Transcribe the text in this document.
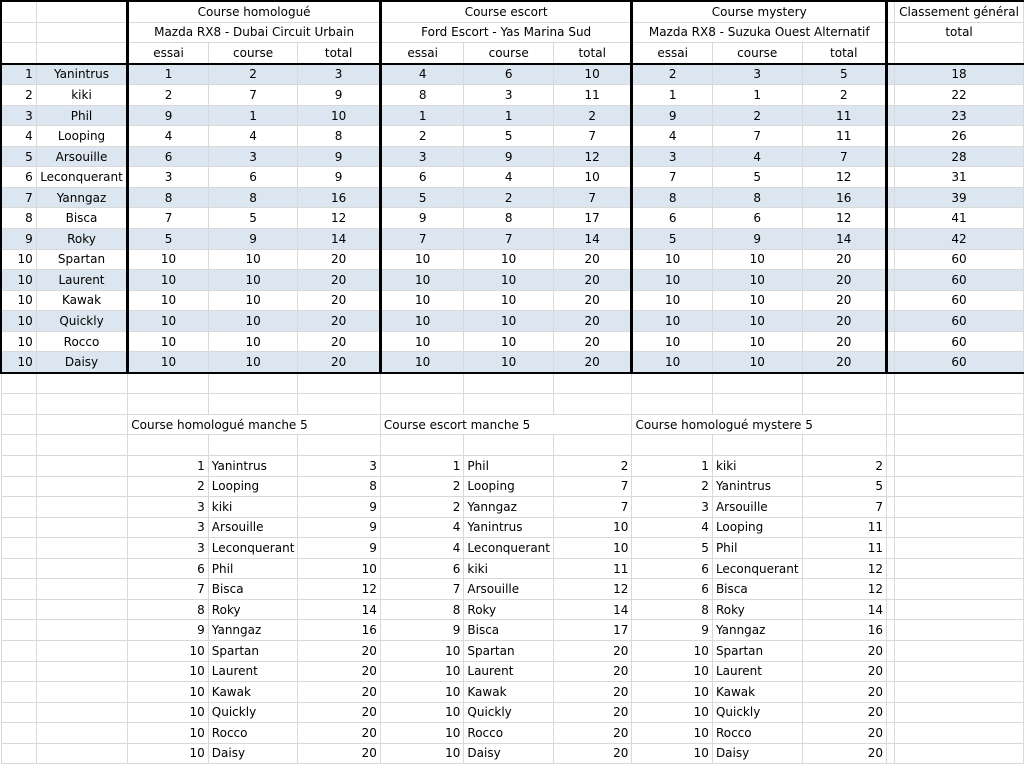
		Course homologué			Course escort			Course mystery				Classement général
		Mazda RX8 - Dubai Circuit Urbain			Ford Escort - Yas Marina Sud			Mazda RX8 - Suzuka Ouest Alternatif				total
		essai	course	total	essai	course	total	essai	course	total		
1	Yanintrus	1	2	3	4	6	10	2	3	5		18
2	kiki	2	7	9	8	3	11	1	1	2		22
3	Phil	9	1	10	1	1	2	9	2	11		23
4	Looping	4	4	8	2	5	7	4	7	11		26
5	Arsouille	6	3	9	3	9	12	3	4	7		28
6	Leconquerant	3	6	9	6	4	10	7	5	12		31
7	Yanngaz	8	8	16	5	2	7	8	8	16		39
8	Bisca	7	5	12	9	8	17	6	6	12		41
9	Roky	5	9	14	7	7	14	5	9	14		42
10	Spartan	10	10	20	10	10	20	10	10	20		60
10	Laurent	10	10	20	10	10	20	10	10	20		60
10	Kawak	10	10	20	10	10	20	10	10	20		60
10	Quickly	10	10	20	10	10	20	10	10	20		60
10	Rocco	10	10	20	10	10	20	10	10	20		60
10	Daisy	10	10	20	10	10	20	10	10	20		60

		Course homologué manche 5			Course escort manche 5			Course homologué mystere 5				

		1	Yanintrus	3	1	Phil	2	1	kiki	2		
		2	Looping	8	2	Looping	7	2	Yanintrus	5		
		3	kiki	9	2	Yanngaz	7	3	Arsouille	7		
		3	Arsouille	9	4	Yanintrus	10	4	Looping	11		
		3	Leconquerant	9	4	Leconquerant	10	5	Phil	11		
		6	Phil	10	6	kiki	11	6	Leconquerant	12		
		7	Bisca	12	7	Arsouille	12	6	Bisca	12		
		8	Roky	14	8	Roky	14	8	Roky	14		
		9	Yanngaz	16	9	Bisca	17	9	Yanngaz	16		
		10	Spartan	20	10	Spartan	20	10	Spartan	20		
		10	Laurent	20	10	Laurent	20	10	Laurent	20		
		10	Kawak	20	10	Kawak	20	10	Kawak	20		
		10	Quickly	20	10	Quickly	20	10	Quickly	20		
		10	Rocco	20	10	Rocco	20	10	Rocco	20		
		10	Daisy	20	10	Daisy	20	10	Daisy	20		
